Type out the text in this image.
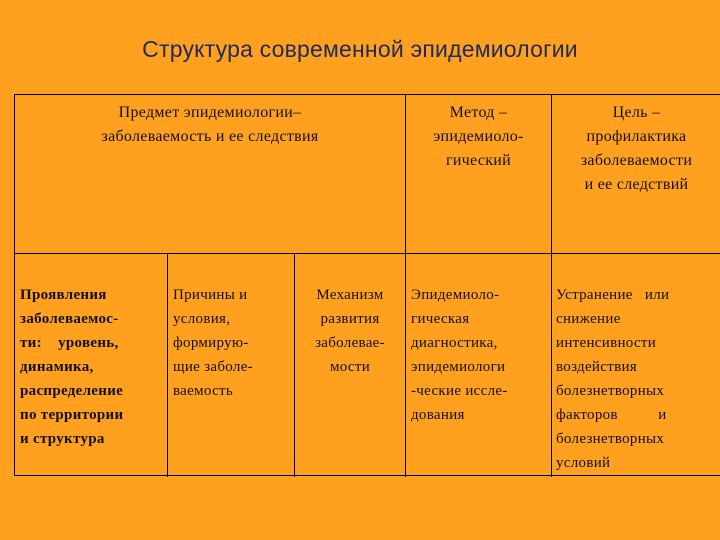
Структура современной эпидемиологии
Предмет эпидемиологии–
заболеваемость и ее следствия
Метод –
эпидемиоло-
гический
Цель –
профилактика
заболеваемости
и ее следствий
Проявления
заболеваемос-
ти:    уровень,
динамика,
распределение
по территории
и структура
Причины и
условия,
формирую-
щие заболе-
ваемость
Механизм
развития
заболевае-
мости
Эпидемиоло-
гическая
диагностика,
эпидемиологи
-ческие иссле-
дования
Устранение   или
снижение
интенсивности
воздействия
болезнетворных
факторов          и
болезнетворных
условий
